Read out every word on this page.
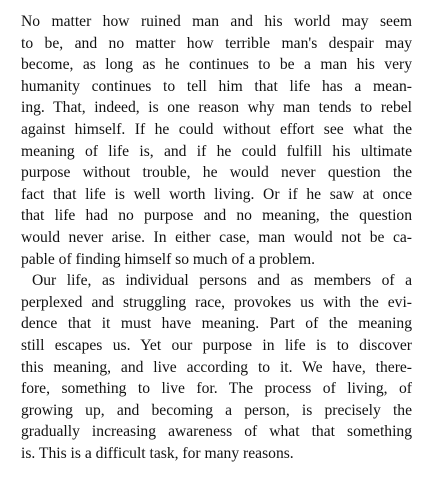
No matter how ruined man and his world may seem
to be, and no matter how terrible man's despair may
become, as long as he continues to be a man his very
humanity continues to tell him that life has a mean-
ing. That, indeed, is one reason why man tends to rebel
against himself. If he could without effort see what the
meaning of life is, and if he could fulfill his ultimate
purpose without trouble, he would never question the
fact that life is well worth living. Or if he saw at once
that life had no purpose and no meaning, the question
would never arise. In either case, man would not be ca-
pable of finding himself so much of a problem.
Our life, as individual persons and as members of a
perplexed and struggling race, provokes us with the evi-
dence that it must have meaning. Part of the meaning
still escapes us. Yet our purpose in life is to discover
this meaning, and live according to it. We have, there-
fore, something to live for. The process of living, of
growing up, and becoming a person, is precisely the
gradually increasing awareness of what that something
is. This is a difficult task, for many reasons.
